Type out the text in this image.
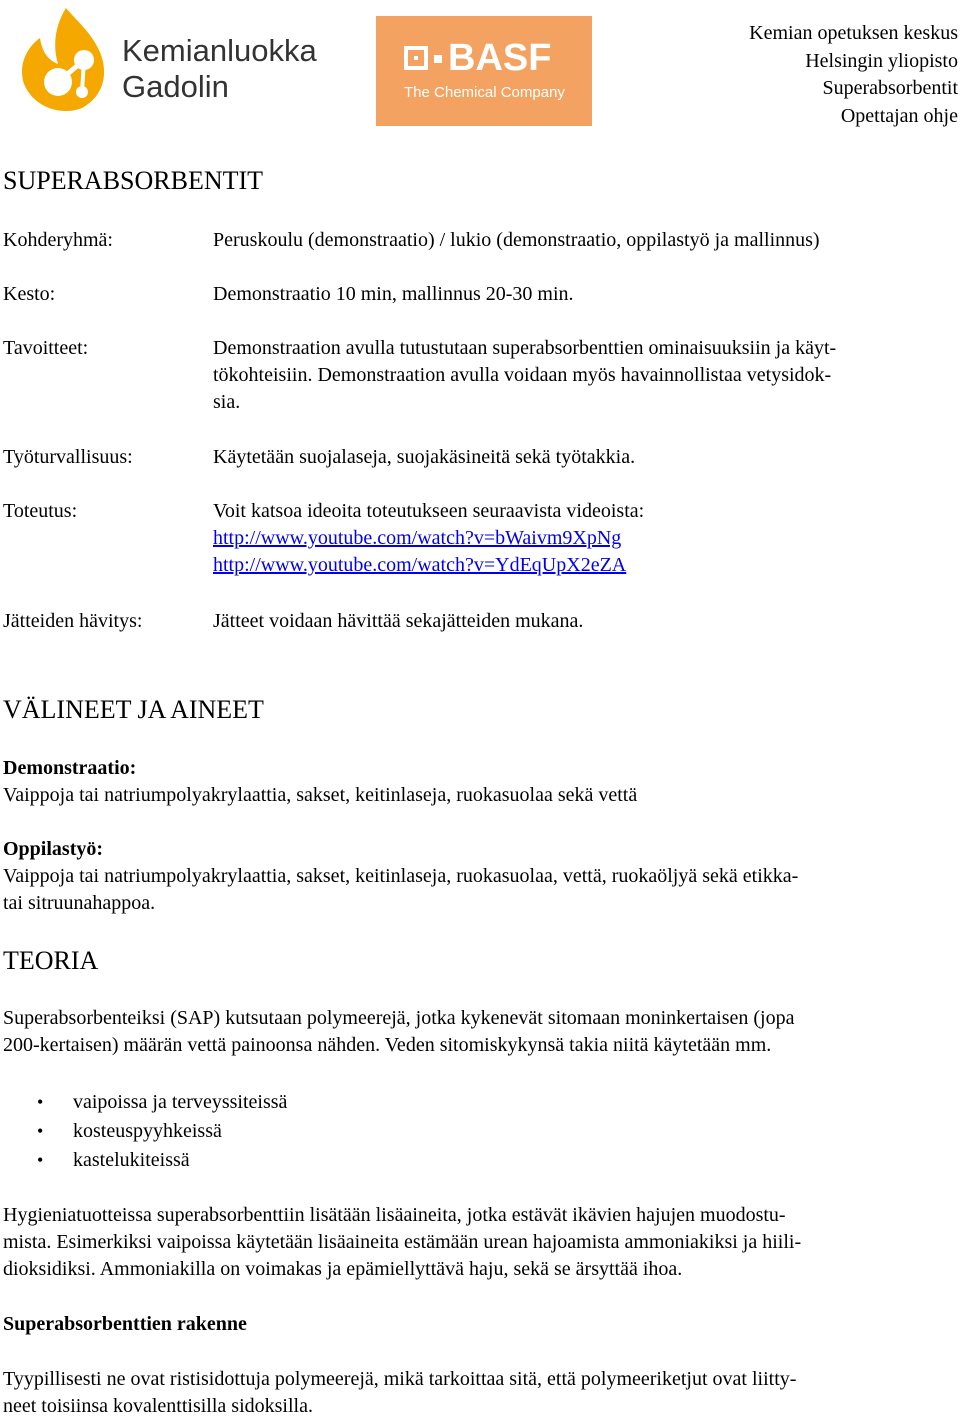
Kemianluokka
Gadolin
BASF
The Chemical Company
Kemian opetuksen keskus
Helsingin yliopisto
Superabsorbentit
Opettajan ohje
SUPERABSORBENTIT
Kohderyhmä:	Peruskoulu (demonstraatio) / lukio (demonstraatio, oppilastyö ja mallinnus)
Kesto:	Demonstraatio 10 min, mallinnus 20-30 min.
Tavoitteet:	Demonstraation avulla tutustutaan superabsorbenttien ominaisuuksiin ja käyt-
tökohteisiin. Demonstraation avulla voidaan myös havainnollistaa vetysidok-
sia.
Työturvallisuus:	Käytetään suojalaseja, suojakäsineitä sekä työtakkia.
Toteutus:	Voit katsoa ideoita toteutukseen seuraavista videoista:
http://www.youtube.com/watch?v=bWaivm9XpNg
http://www.youtube.com/watch?v=YdEqUpX2eZA
Jätteiden hävitys:	Jätteet voidaan hävittää sekajätteiden mukana.
VÄLINEET JA AINEET
Demonstraatio:
Vaippoja tai natriumpolyakrylaattia, sakset, keitinlaseja, ruokasuolaa sekä vettä
Oppilastyö:
Vaippoja tai natriumpolyakrylaattia, sakset, keitinlaseja, ruokasuolaa, vettä, ruokaöljyä sekä etikka-
tai sitruunahappoa.
TEORIA
Superabsorbenteiksi (SAP) kutsutaan polymeerejä, jotka kykenevät sitomaan moninkertaisen (jopa
200-kertaisen) määrän vettä painoonsa nähden. Veden sitomiskykynsä takia niitä käytetään mm.
• vaipoissa ja terveyssiteissä
• kosteuspyyhkeissä
• kastelukiteissä
Hygieniatuotteissa superabsorbenttiin lisätään lisäaineita, jotka estävät ikävien hajujen muodostu-
mista. Esimerkiksi vaipoissa käytetään lisäaineita estämään urean hajoamista ammoniakiksi ja hiili-
dioksidiksi. Ammoniakilla on voimakas ja epämiellyttävä haju, sekä se ärsyttää ihoa.
Superabsorbenttien rakenne
Tyypillisesti ne ovat ristisidottuja polymeerejä, mikä tarkoittaa sitä, että polymeeriketjut ovat liitty-
neet toisiinsa kovalenttisilla sidoksilla.
